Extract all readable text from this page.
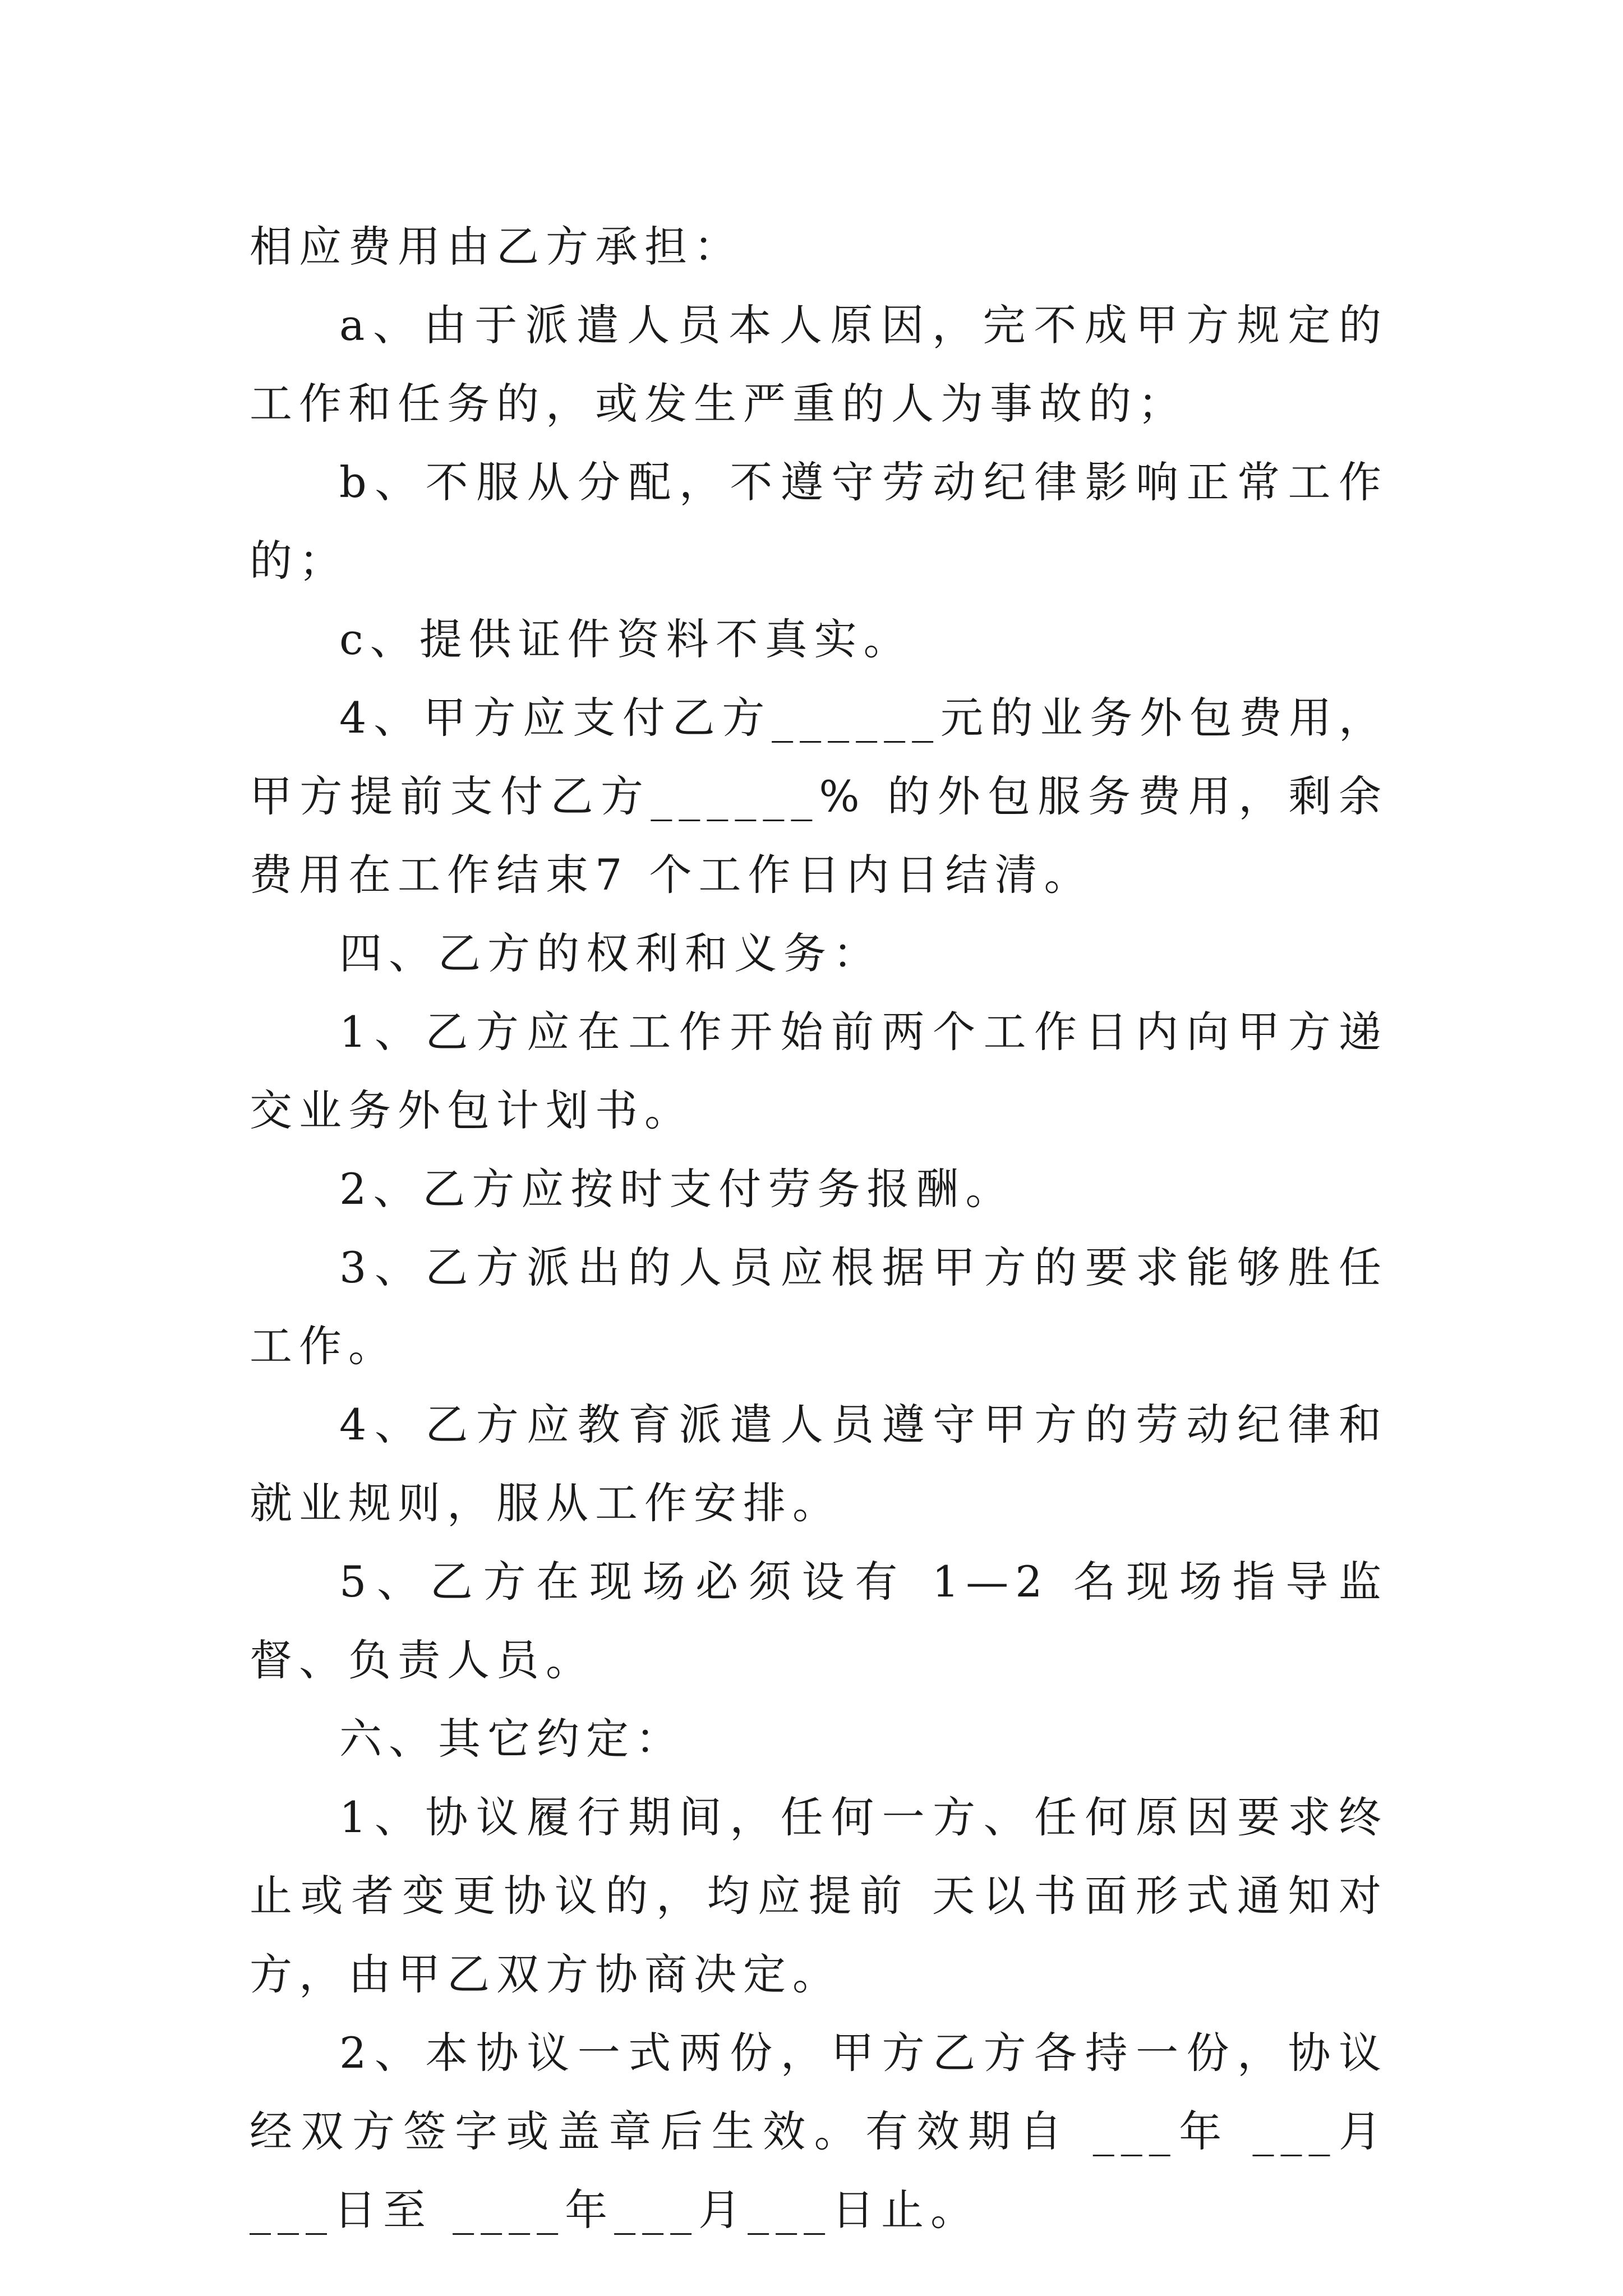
相应费用由乙方承担：

a、由于派遣人员本人原因，完不成甲方规定的工作和任务的，或发生严重的人为事故的；

b、不服从分配，不遵守劳动纪律影响正常工作的；

c、提供证件资料不真实。

4、甲方应支付乙方______元的业务外包费用，甲方提前支付乙方______% 的外包服务费用，剩余费用在工作结束7 个工作日内日结清。

四、乙方的权利和义务：

1、乙方应在工作开始前两个工作日内向甲方递交业务外包计划书。

2、乙方应按时支付劳务报酬。

3、乙方派出的人员应根据甲方的要求能够胜任工作。

4、乙方应教育派遣人员遵守甲方的劳动纪律和就业规则，服从工作安排。

5、乙方在现场必须设有 1—2 名现场指导监督、负责人员。

六、其它约定：

1、协议履行期间，任何一方、任何原因要求终止或者变更协议的，均应提前 天以书面形式通知对方，由甲乙双方协商决定。

2、本协议一式两份，甲方乙方各持一份，协议经双方签字或盖章后生效。有效期自 ___年 ___月 ___日至 ____年___月___日止。
